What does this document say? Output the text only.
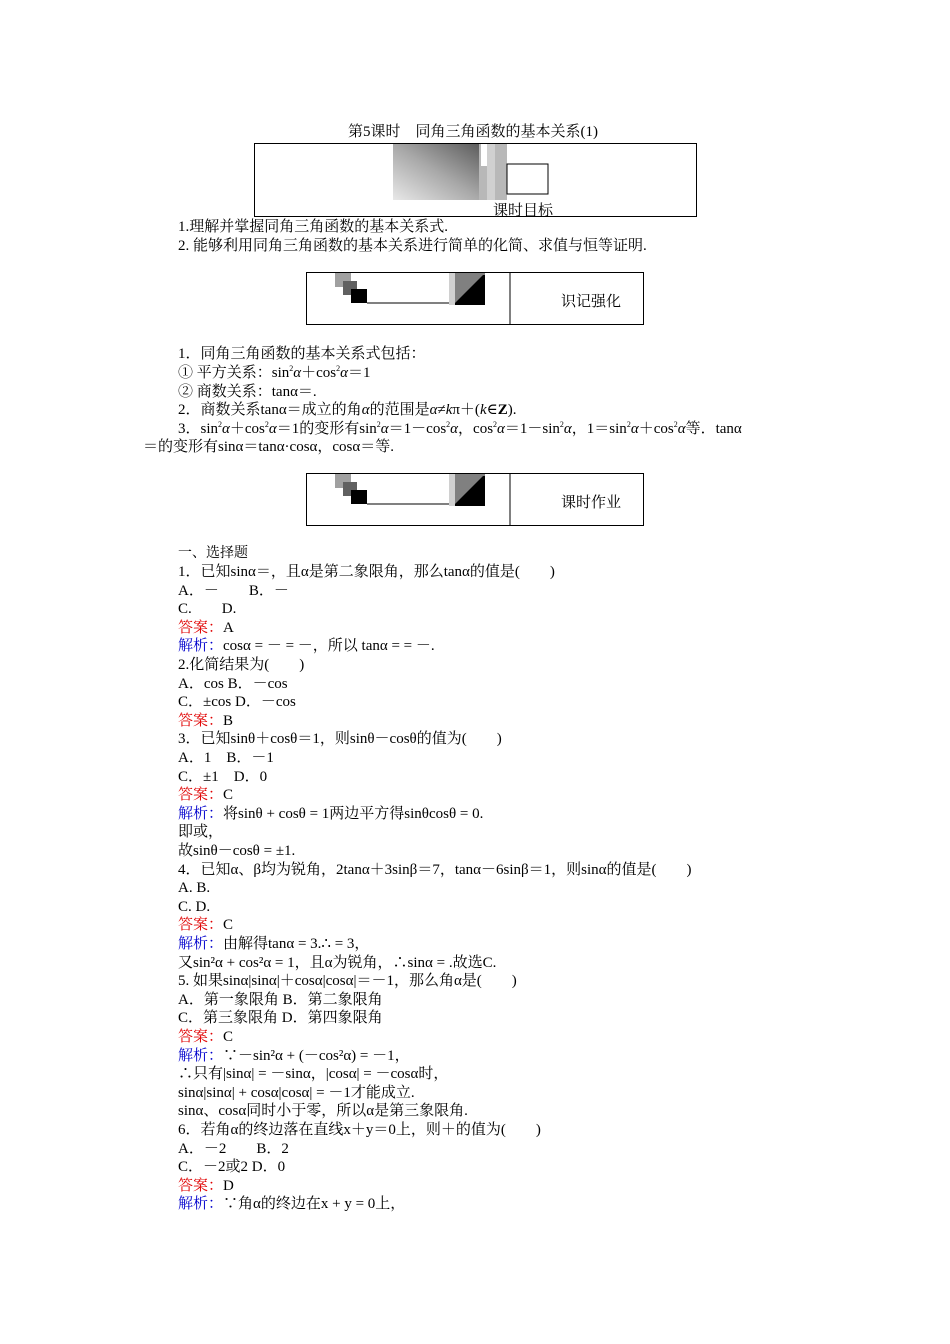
第5课时　同角三角函数的基本关系(1)
课时目标
1.理解并掌握同角三角函数的基本关系式.
2. 能够利用同角三角函数的基本关系进行简单的化简、求值与恒等证明.
识记强化
1．同角三角函数的基本关系式包括：
① 平方关系：$\sin^2\alpha+\cos^2\alpha=1$
② 商数关系：tanα＝.
2．商数关系tanα＝成立的角α的范围是α≠kπ＋(k∈Z).
3．$\sin^2\alpha+\cos^2\alpha=1$的变形有$\sin^2\alpha=1-\cos^2\alpha$，$\cos^2\alpha=1-\sin^2\alpha$，$1=\sin^2\alpha+\cos^2\alpha$等．tanα
＝的变形有sinα＝tanα·cosα，cosα＝等.
课时作业
一、选择题
1．已知sinα＝，且α是第二象限角，那么tanα的值是(　　)
A．－　　B．－
C.　　D.
答案：A
解析：cosα = － = －，所以 tanα = = －.
2.化简结果为(　　)
A．cos B．－cos
C．±cos D．－cos
答案：B
3．已知sinθ＋cosθ＝1，则sinθ－cosθ的值为(　　)
A．1　B．－1
C．±1　D．0
答案：C
解析：将sinθ + cosθ = 1两边平方得sinθcosθ = 0.
即或，
故sinθ－cosθ = ±1.
4．已知α、β均为锐角，2tanα＋3sinβ＝7，tanα－6sinβ＝1，则sinα的值是(　　)
A. B.
C. D.
答案：C
解析：由解得tanα = 3.∴ = 3，
又sin²α + cos²α = 1，且α为锐角，∴sinα = .故选C.
5. 如果sinα|sinα|＋cosα|cosα|＝－1，那么角α是(　　)
A．第一象限角 B．第二象限角
C．第三象限角 D．第四象限角
答案：C
解析：∵－sin²α + (－cos²α) = －1，
∴只有|sinα| = －sinα，|cosα| = －cosα时，
sinα|sinα| + cosα|cosα| = －1才能成立.
sinα、cosα同时小于零，所以α是第三象限角.
6．若角α的终边落在直线x＋y＝0上，则＋的值为(　　)
A．－2　　B．2
C．－2或2 D．0
答案：D
解析：∵角α的终边在x + y = 0上，
